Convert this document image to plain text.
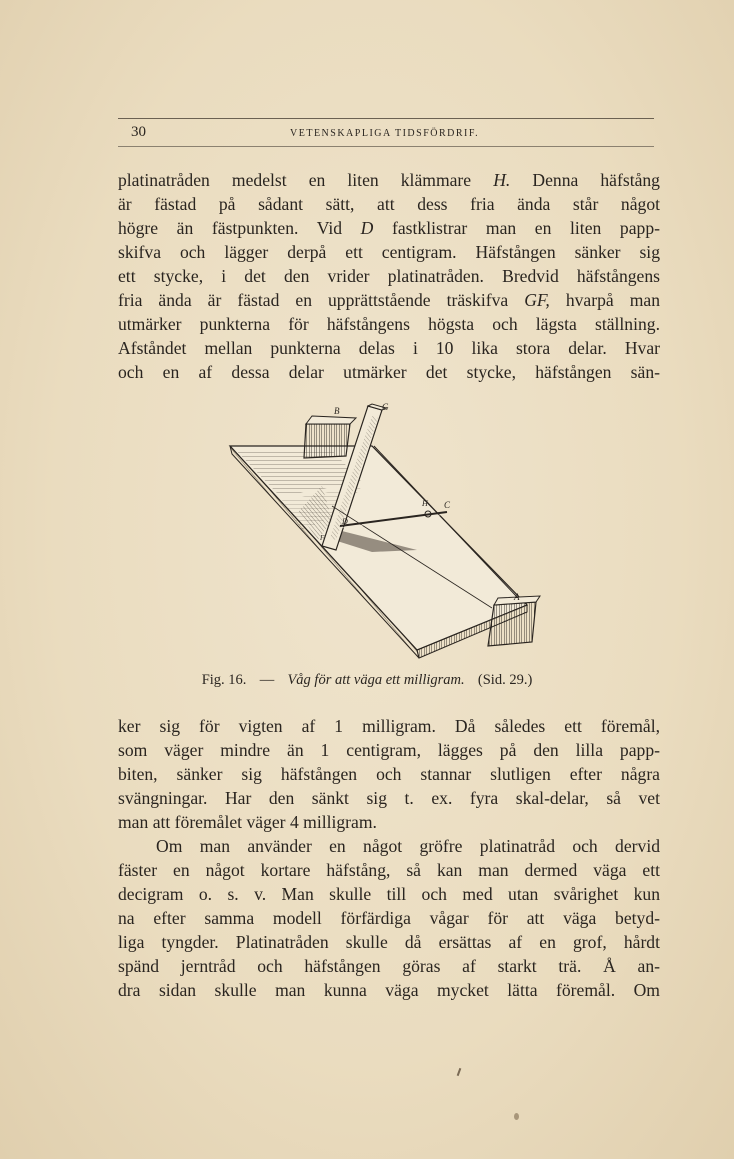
30	VETENSKAPLIGA TIDSFÖRDRIF.
platinatråden medelst en liten klämmare H. Denna häfstång
är fästad på sådant sätt, att dess fria ända står något
högre än fästpunkten. Vid D fastklistrar man en liten papp-
skifva och lägger derpå ett centigram. Häfstången sänker sig
ett stycke, i det den vrider platinatråden. Bredvid häfstångens
fria ända är fästad en upprättstående träskifva GF, hvarpå man
utmärker punkterna för häfstångens högsta och lägsta ställning.
Afståndet mellan punkterna delas i 10 lika stora delar. Hvar
och en af dessa delar utmärker det stycke, häfstången sän-
B	G
H C
D
F
A
Fig. 16. — Våg för att väga ett milligram. (Sid. 29.)
ker sig för vigten af 1 milligram. Då således ett föremål,
som väger mindre än 1 centigram, lägges på den lilla papp-
biten, sänker sig häfstången och stannar slutligen efter några
svängningar. Har den sänkt sig t. ex. fyra skal-delar, så vet
man att föremålet väger 4 milligram.
Om man använder en något gröfre platinatråd och dervid
fäster en något kortare häfstång, så kan man dermed väga ett
decigram o. s. v. Man skulle till och med utan svårighet kun
na efter samma modell förfärdiga vågar för att väga betyd-
liga tyngder. Platinatråden skulle då ersättas af en grof, hårdt
spänd jerntråd och häfstången göras af starkt trä. Å an-
dra sidan skulle man kunna väga mycket lätta föremål. Om
